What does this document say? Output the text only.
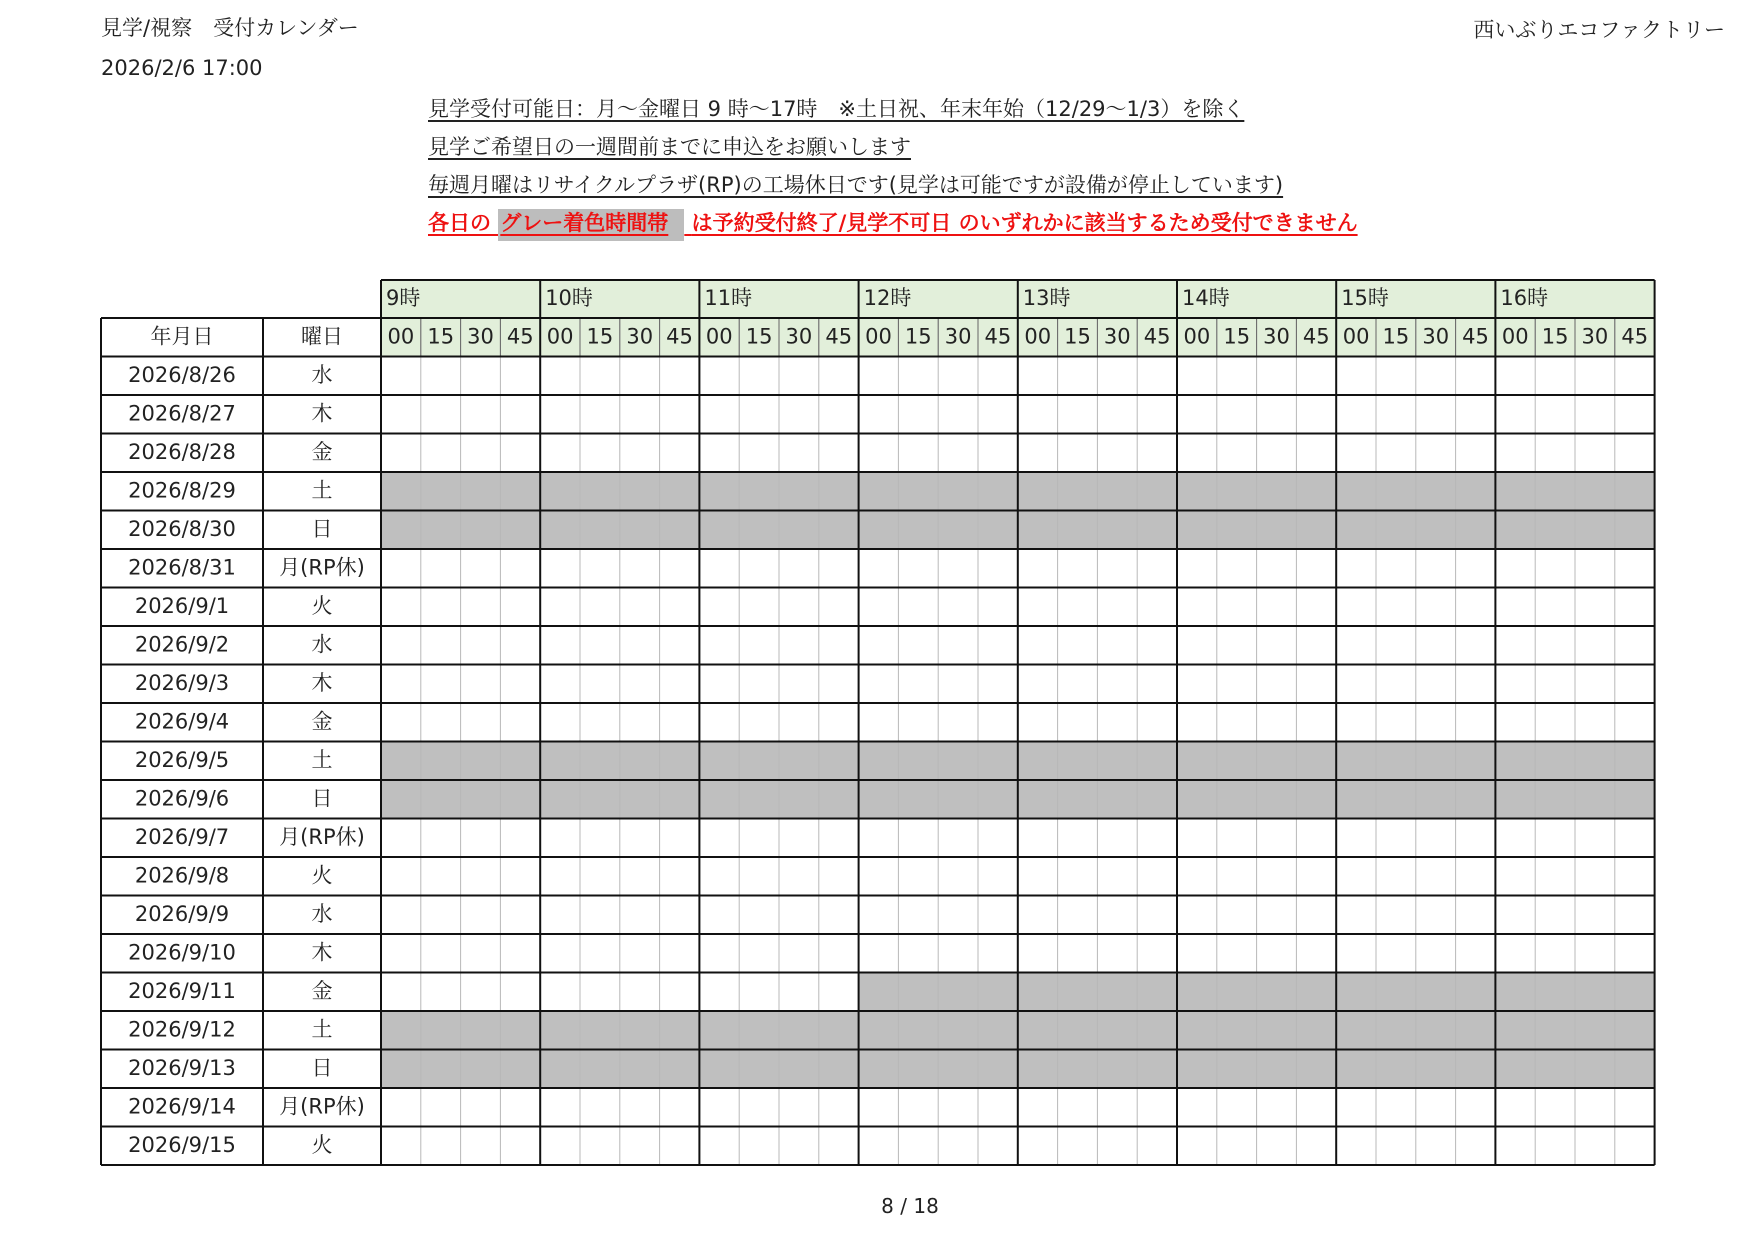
見学/視察　受付カレンダー
2026/2/6 17:00
西いぶりエコファクトリー
見学受付可能日：月～金曜日 9 時～17時　※土日祝、年末年始（12/29～1/3）を除く
見学ご希望日の一週間前までに申込をお願いします
毎週月曜はリサイクルプラザ(RP)の工場休日です(見学は可能ですが設備が停止しています)
各日の グレー着色時間帯 は予約受付終了/見学不可日 のいずれかに該当するため受付できません
年月日	曜日
9時	10時	11時	12時	13時	14時	15時	16時
00 15 30 45 00 15 30 45 00 15 30 45 00 15 30 45 00 15 30 45 00 15 30 45 00 15 30 45 00 15 30 45
2026/8/26	水
2026/8/27	木
2026/8/28	金
2026/8/29	土
2026/8/30	日
2026/8/31 月(RP休)
2026/9/1	火
2026/9/2	水
2026/9/3	木
2026/9/4	金
2026/9/5	土
2026/9/6	日
2026/9/7 月(RP休)
2026/9/8	火
2026/9/9	水
2026/9/10	木
2026/9/11	金
2026/9/12	土
2026/9/13	日
2026/9/14 月(RP休)
2026/9/15	火
8 / 18
